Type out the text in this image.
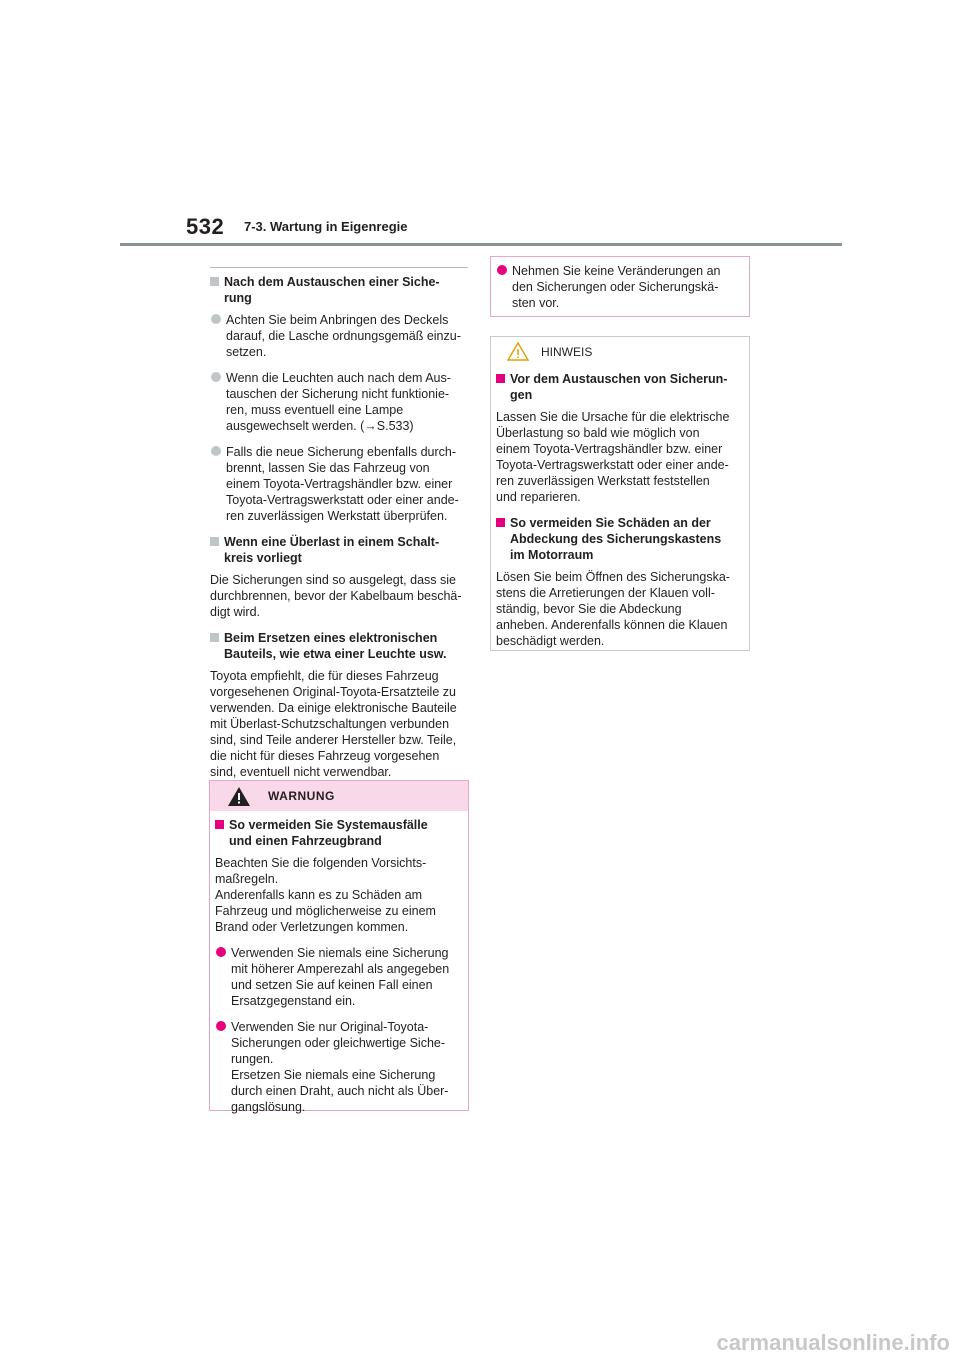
532 7-3. Wartung in Eigenregie
Nach dem Austauschen einer Siche-
rung
Achten Sie beim Anbringen des Deckels
darauf, die Lasche ordnungsgemäß einzu-
setzen.
Wenn die Leuchten auch nach dem Aus-
tauschen der Sicherung nicht funktionie-
ren, muss eventuell eine Lampe
ausgewechselt werden. (→S.533)
Falls die neue Sicherung ebenfalls durch-
brennt, lassen Sie das Fahrzeug von
einem Toyota-Vertragshändler bzw. einer
Toyota-Vertragswerkstatt oder einer ande-
ren zuverlässigen Werkstatt überprüfen.
Wenn eine Überlast in einem Schalt-
kreis vorliegt
Die Sicherungen sind so ausgelegt, dass sie
durchbrennen, bevor der Kabelbaum beschä-
digt wird.
Beim Ersetzen eines elektronischen
Bauteils, wie etwa einer Leuchte usw.
Toyota empfiehlt, die für dieses Fahrzeug
vorgesehenen Original-Toyota-Ersatzteile zu
verwenden. Da einige elektronische Bauteile
mit Überlast-Schutzschaltungen verbunden
sind, sind Teile anderer Hersteller bzw. Teile,
die nicht für dieses Fahrzeug vorgesehen
sind, eventuell nicht verwendbar.
WARNUNG
So vermeiden Sie Systemausfälle
und einen Fahrzeugbrand
Beachten Sie die folgenden Vorsichts-
maßregeln.
Anderenfalls kann es zu Schäden am
Fahrzeug und möglicherweise zu einem
Brand oder Verletzungen kommen.
Verwenden Sie niemals eine Sicherung
mit höherer Amperezahl als angegeben
und setzen Sie auf keinen Fall einen
Ersatzgegenstand ein.
Verwenden Sie nur Original-Toyota-
Sicherungen oder gleichwertige Siche-
rungen.
Ersetzen Sie niemals eine Sicherung
durch einen Draht, auch nicht als Über-
gangslösung.
Nehmen Sie keine Veränderungen an
den Sicherungen oder Sicherungskä-
sten vor.
HINWEIS
Vor dem Austauschen von Sicherun-
gen
Lassen Sie die Ursache für die elektrische
Überlastung so bald wie möglich von
einem Toyota-Vertragshändler bzw. einer
Toyota-Vertragswerkstatt oder einer ande-
ren zuverlässigen Werkstatt feststellen
und reparieren.
So vermeiden Sie Schäden an der
Abdeckung des Sicherungskastens
im Motorraum
Lösen Sie beim Öffnen des Sicherungska-
stens die Arretierungen der Klauen voll-
ständig, bevor Sie die Abdeckung
anheben. Anderenfalls können die Klauen
beschädigt werden.
carmanualsonline.info
